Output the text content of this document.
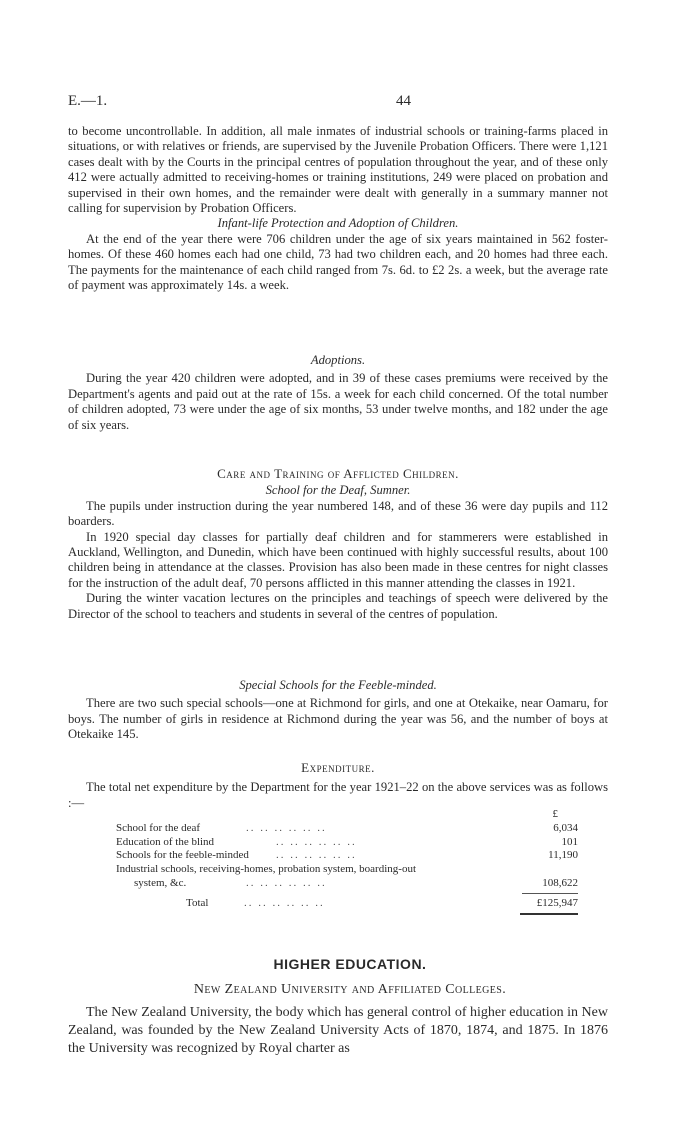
E.—1.	44

to become uncontrollable. In addition, all male inmates of industrial schools or training-farms placed in situations, or with relatives or friends, are supervised by the Juvenile Probation Officers. There were 1,121 cases dealt with by the Courts in the principal centres of population throughout the year, and of these only 412 were actually admitted to receiving-homes or training institutions, 249 were placed on probation and supervised in their own homes, and the remainder were dealt with generally in a summary manner not calling for supervision by Probation Officers.

Infant-life Protection and Adoption of Children.

At the end of the year there were 706 children under the age of six years maintained in 562 foster-homes. Of these 460 homes each had one child, 73 had two children each, and 20 homes had three each. The payments for the maintenance of each child ranged from 7s. 6d. to £2 2s. a week, but the average rate of payment was approximately 14s. a week.

Adoptions.

During the year 420 children were adopted, and in 39 of these cases premiums were received by the Department's agents and paid out at the rate of 15s. a week for each child concerned. Of the total number of children adopted, 73 were under the age of six months, 53 under twelve months, and 182 under the age of six years.

Care and Training of Afflicted Children.

School for the Deaf, Sumner.

The pupils under instruction during the year numbered 148, and of these 36 were day pupils and 112 boarders.

In 1920 special day classes for partially deaf children and for stammerers were established in Auckland, Wellington, and Dunedin, which have been continued with highly successful results, about 100 children being in attendance at the classes. Provision has also been made in these centres for night classes for the instruction of the adult deaf, 70 persons afflicted in this manner attending the classes in 1921.

During the winter vacation lectures on the principles and teachings of speech were delivered by the Director of the school to teachers and students in several of the centres of population.

Special Schools for the Feeble-minded.

There are two such special schools—one at Richmond for girls, and one at Otekaike, near Oamaru, for boys. The number of girls in residence at Richmond during the year was 56, and the number of boys at Otekaike 145.

Expenditure.

The total net expenditure by the Department for the year 1921–22 on the above services was as follows :—

£
School for the deaf	.. .. .. .. .. ..	6,034
Education of the blind	.. .. .. .. .. ..	101
Schools for the feeble-minded .. .. .. .. .. ..	11,190
Industrial schools, receiving-homes, probation system, boarding-out
system, &c.	.. .. .. .. .. ..	108,622
Total	.. .. .. .. .. ..	£125,947
HIGHER EDUCATION.
New Zealand University and Affiliated Colleges.

The New Zealand University, the body which has general control of higher education in New Zealand, was founded by the New Zealand University Acts of 1870, 1874, and 1875. In 1876 the University was recognized by Royal charter as
